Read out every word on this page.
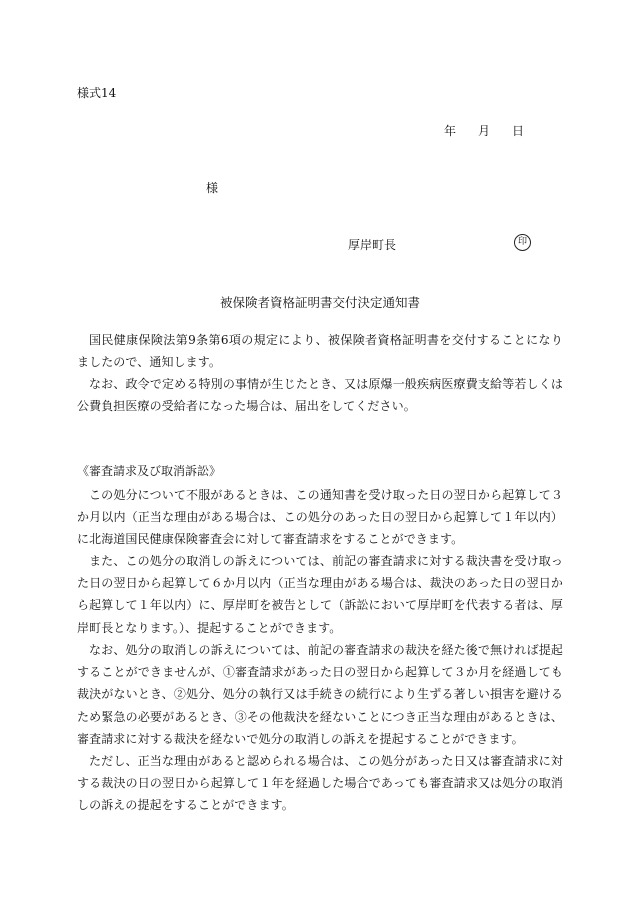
様式14
年 月 日
様
厚岸町長	印
被保険者資格証明書交付決定通知書

国民健康保険法第9条第6項の規定により、被保険者資格証明書を交付することになりましたので、通知します。

なお、政令で定める特別の事情が生じたとき、又は原爆一般疾病医療費支給等若しくは公費負担医療の受給者になった場合は、届出をしてください。

《審査請求及び取消訴訟》

この処分について不服があるときは、この通知書を受け取った日の翌日から起算して３か月以内（正当な理由がある場合は、この処分のあった日の翌日から起算して１年以内）に北海道国民健康保険審査会に対して審査請求をすることができます。

また、この処分の取消しの訴えについては、前記の審査請求に対する裁決書を受け取った日の翌日から起算して６か月以内（正当な理由がある場合は、裁決のあった日の翌日から起算して１年以内）に、厚岸町を被告として（訴訟において厚岸町を代表する者は、厚岸町長となります。）、提起することができます。

なお、処分の取消しの訴えについては、前記の審査請求の裁決を経た後で無ければ提起することができませんが、①審査請求があった日の翌日から起算して３か月を経過しても裁決がないとき、②処分、処分の執行又は手続きの続行により生ずる著しい損害を避けるため緊急の必要があるとき、③その他裁決を経ないことにつき正当な理由があるときは、審査請求に対する裁決を経ないで処分の取消しの訴えを提起することができます。

ただし、正当な理由があると認められる場合は、この処分があった日又は審査請求に対する裁決の日の翌日から起算して１年を経過した場合であっても審査請求又は処分の取消しの訴えの提起をすることができます。
